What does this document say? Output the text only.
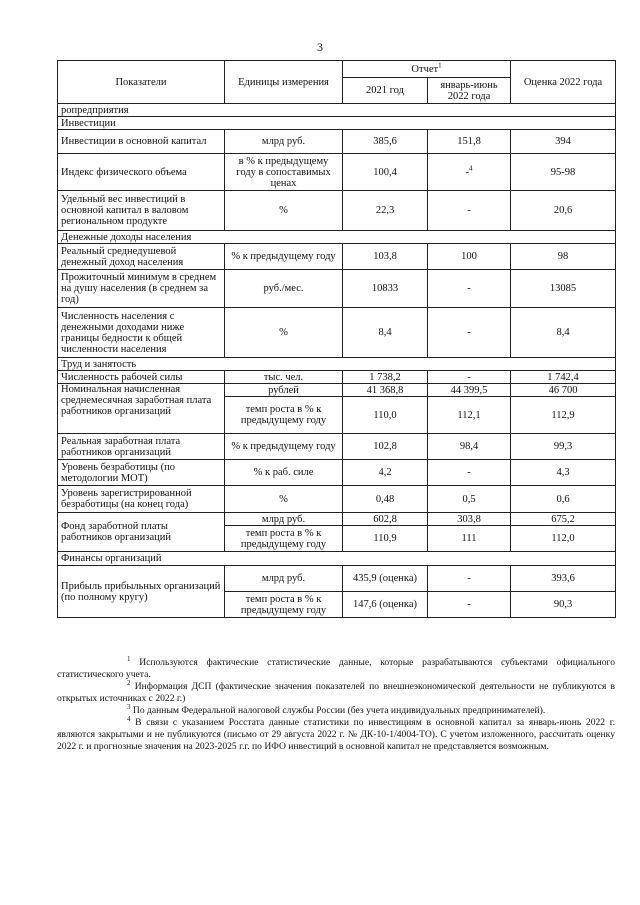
3
Показатели	Единицы измерения	Отчет$^1$		Оценка 2022 года
		2021 год	январь-июнь 2022 года	
ропредприятия				
Инвестиции				
Инвестиции в основной капитал	млрд руб.	385,6	151,8	394
Индекс физического объема	в % к предыдущему году в сопоставимых ценах	100,4	-$^4$	95-98
Удельный вес инвестиций в основной капитал в валовом региональном продукте	%	22,3	-	20,6
Денежные доходы населения				
Реальный среднедушевой денежный доход населения	% к предыдущему году	103,8	100	98
Прожиточный минимум в среднем на душу населения (в среднем за год)	руб./мес.	10833	-	13085
Численность населения с денежными доходами ниже границы бедности к общей численности населения	%	8,4	-	8,4
Труд и занятость				
Численность рабочей силы	тыс. чел.	1 738,2	-	1 742,4
Номинальная начисленная среднемесячная заработная плата работников организаций	рублей	41 368,8	44 399,5	46 700
	темп роста в % к предыдущему году	110,0	112,1	112,9
Реальная заработная плата работников организаций	% к предыдущему году	102,8	98,4	99,3
Уровень безработицы (по методологии МОТ)	% к раб. силе	4,2	-	4,3
Уровень зарегистрированной безработицы (на конец года)	%	0,48	0,5	0,6
Фонд заработной платы работников организаций	млрд руб.	602,8	303,8	675,2
	темп роста в % к предыдущему году	110,9	111	112,0
Финансы организаций				
Прибыль прибыльных организаций (по полному кругу)	млрд руб.	435,9 (оценка)	-	393,6
	темп роста в % к предыдущему году	147,6 (оценка)	-	90,3

$^1$ Используются фактические статистические данные, которые разрабатываются субъектами официального статистического учета.

$^2$ Информация ДСП (фактические значения показателей по внешнеэкономической деятельности не публикуются в открытых источниках с 2022 г.)

$^3$ По данным Федеральной налоговой службы России (без учета индивидуальных предпринимателей).

$^4$ В связи с указанием Росстата данные статистики по инвестициям в основной капитал за январь-июнь 2022 г. являются закрытыми и не публикуются (письмо от 29 августа 2022 г. № ДК-10-1/4004-ТО). С учетом изложенного, рассчитать оценку 2022 г. и прогнозные значения на 2023-2025 г.г. по ИФО инвестиций в основной капитал не представляется возможным.
